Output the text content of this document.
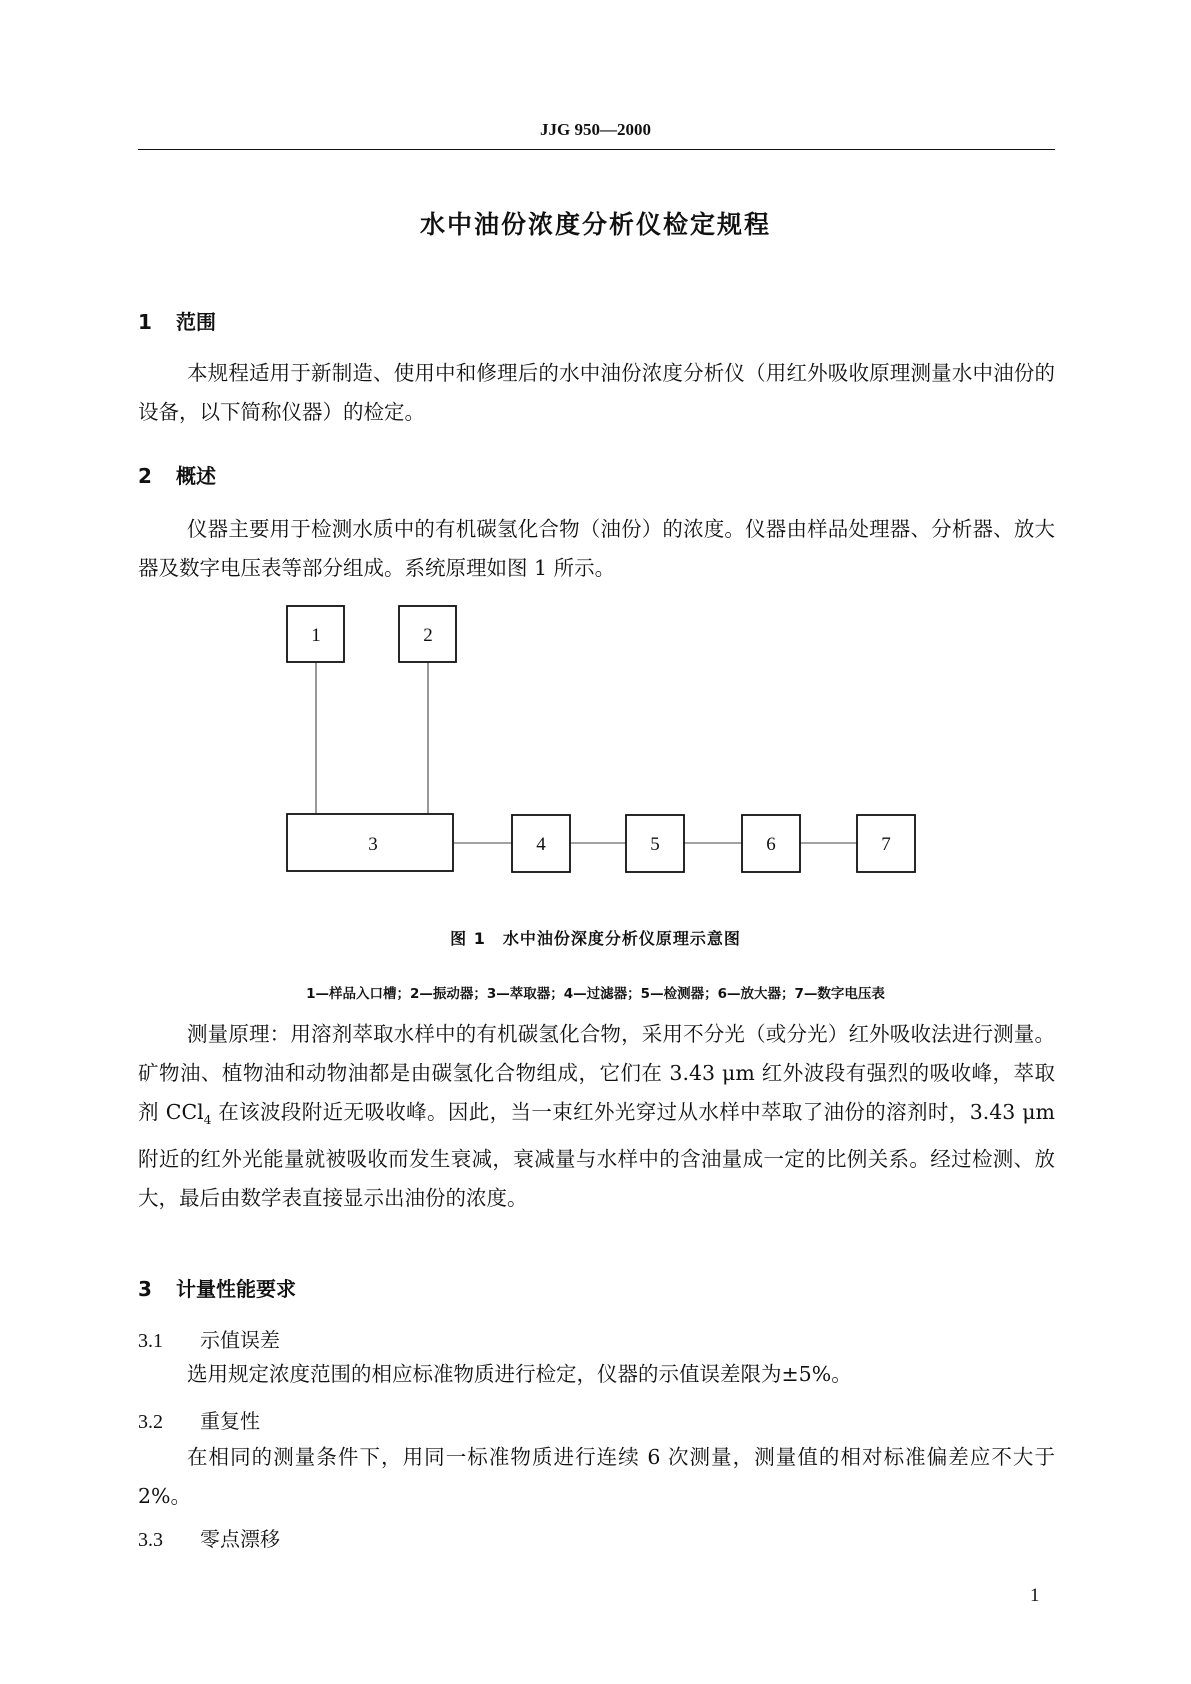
JJG 950—2000
水中油份浓度分析仪检定规程
1 范围

本规程适用于新制造、使用中和修理后的水中油份浓度分析仪（用红外吸收原理测量水中油份的设备，以下简称仪器）的检定。

2 概述

仪器主要用于检测水质中的有机碳氢化合物（油份）的浓度。仪器由样品处理器、分析器、放大器及数字电压表等部分组成。系统原理如图 1 所示。

1	2
3	4	5	6	7
图 1　水中油份深度分析仪原理示意图
1—样品入口槽；2—振动器；3—萃取器；4—过滤器；5—检测器；6—放大器；7—数字电压表

测量原理：用溶剂萃取水样中的有机碳氢化合物，采用不分光（或分光）红外吸收法进行测量。矿物油、植物油和动物油都是由碳氢化合物组成，它们在 3.43 μm 红外波段有强烈的吸收峰，萃取剂 CCl$_4$ 在该波段附近无吸收峰。因此，当一束红外光穿过从水样中萃取了油份的溶剂时，3.43 μm 附近的红外光能量就被吸收而发生衰减，衰减量与水样中的含油量成一定的比例关系。经过检测、放大，最后由数学表直接显示出油份的浓度。

3 计量性能要求
3.1 示值误差

选用规定浓度范围的相应标准物质进行检定，仪器的示值误差限为±5%。

3.2 重复性

在相同的测量条件下，用同一标准物质进行连续 6 次测量，测量值的相对标准偏差应不大于 2%。

3.3 零点漂移
1
